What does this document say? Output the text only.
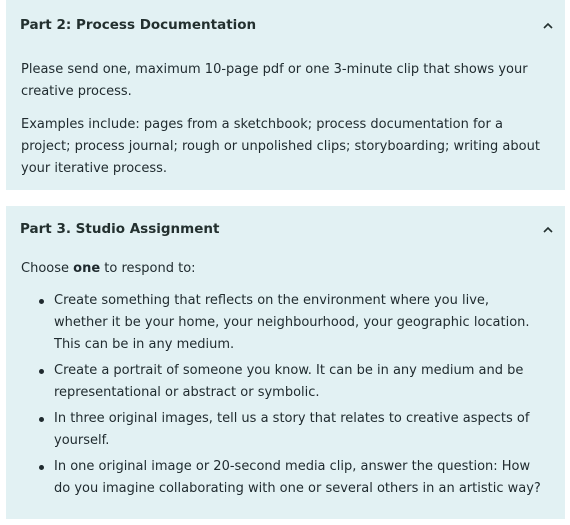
Part 2: Process Documentation

Please send one, maximum 10-page pdf or one 3-minute clip that shows your creative process.

Examples include: pages from a sketchbook; process documentation for a project; process journal; rough or unpolished clips; storyboarding; writing about your iterative process.

Part 3. Studio Assignment

Choose one to respond to:

Create something that reflects on the environment where you live, whether it be your home, your neighbourhood, your geographic location. This can be in any medium.
Create a portrait of someone you know. It can be in any medium and be representational or abstract or symbolic.
In three original images, tell us a story that relates to creative aspects of yourself.
In one original image or 20-second media clip, answer the question: How do you imagine collaborating with one or several others in an artistic way?
